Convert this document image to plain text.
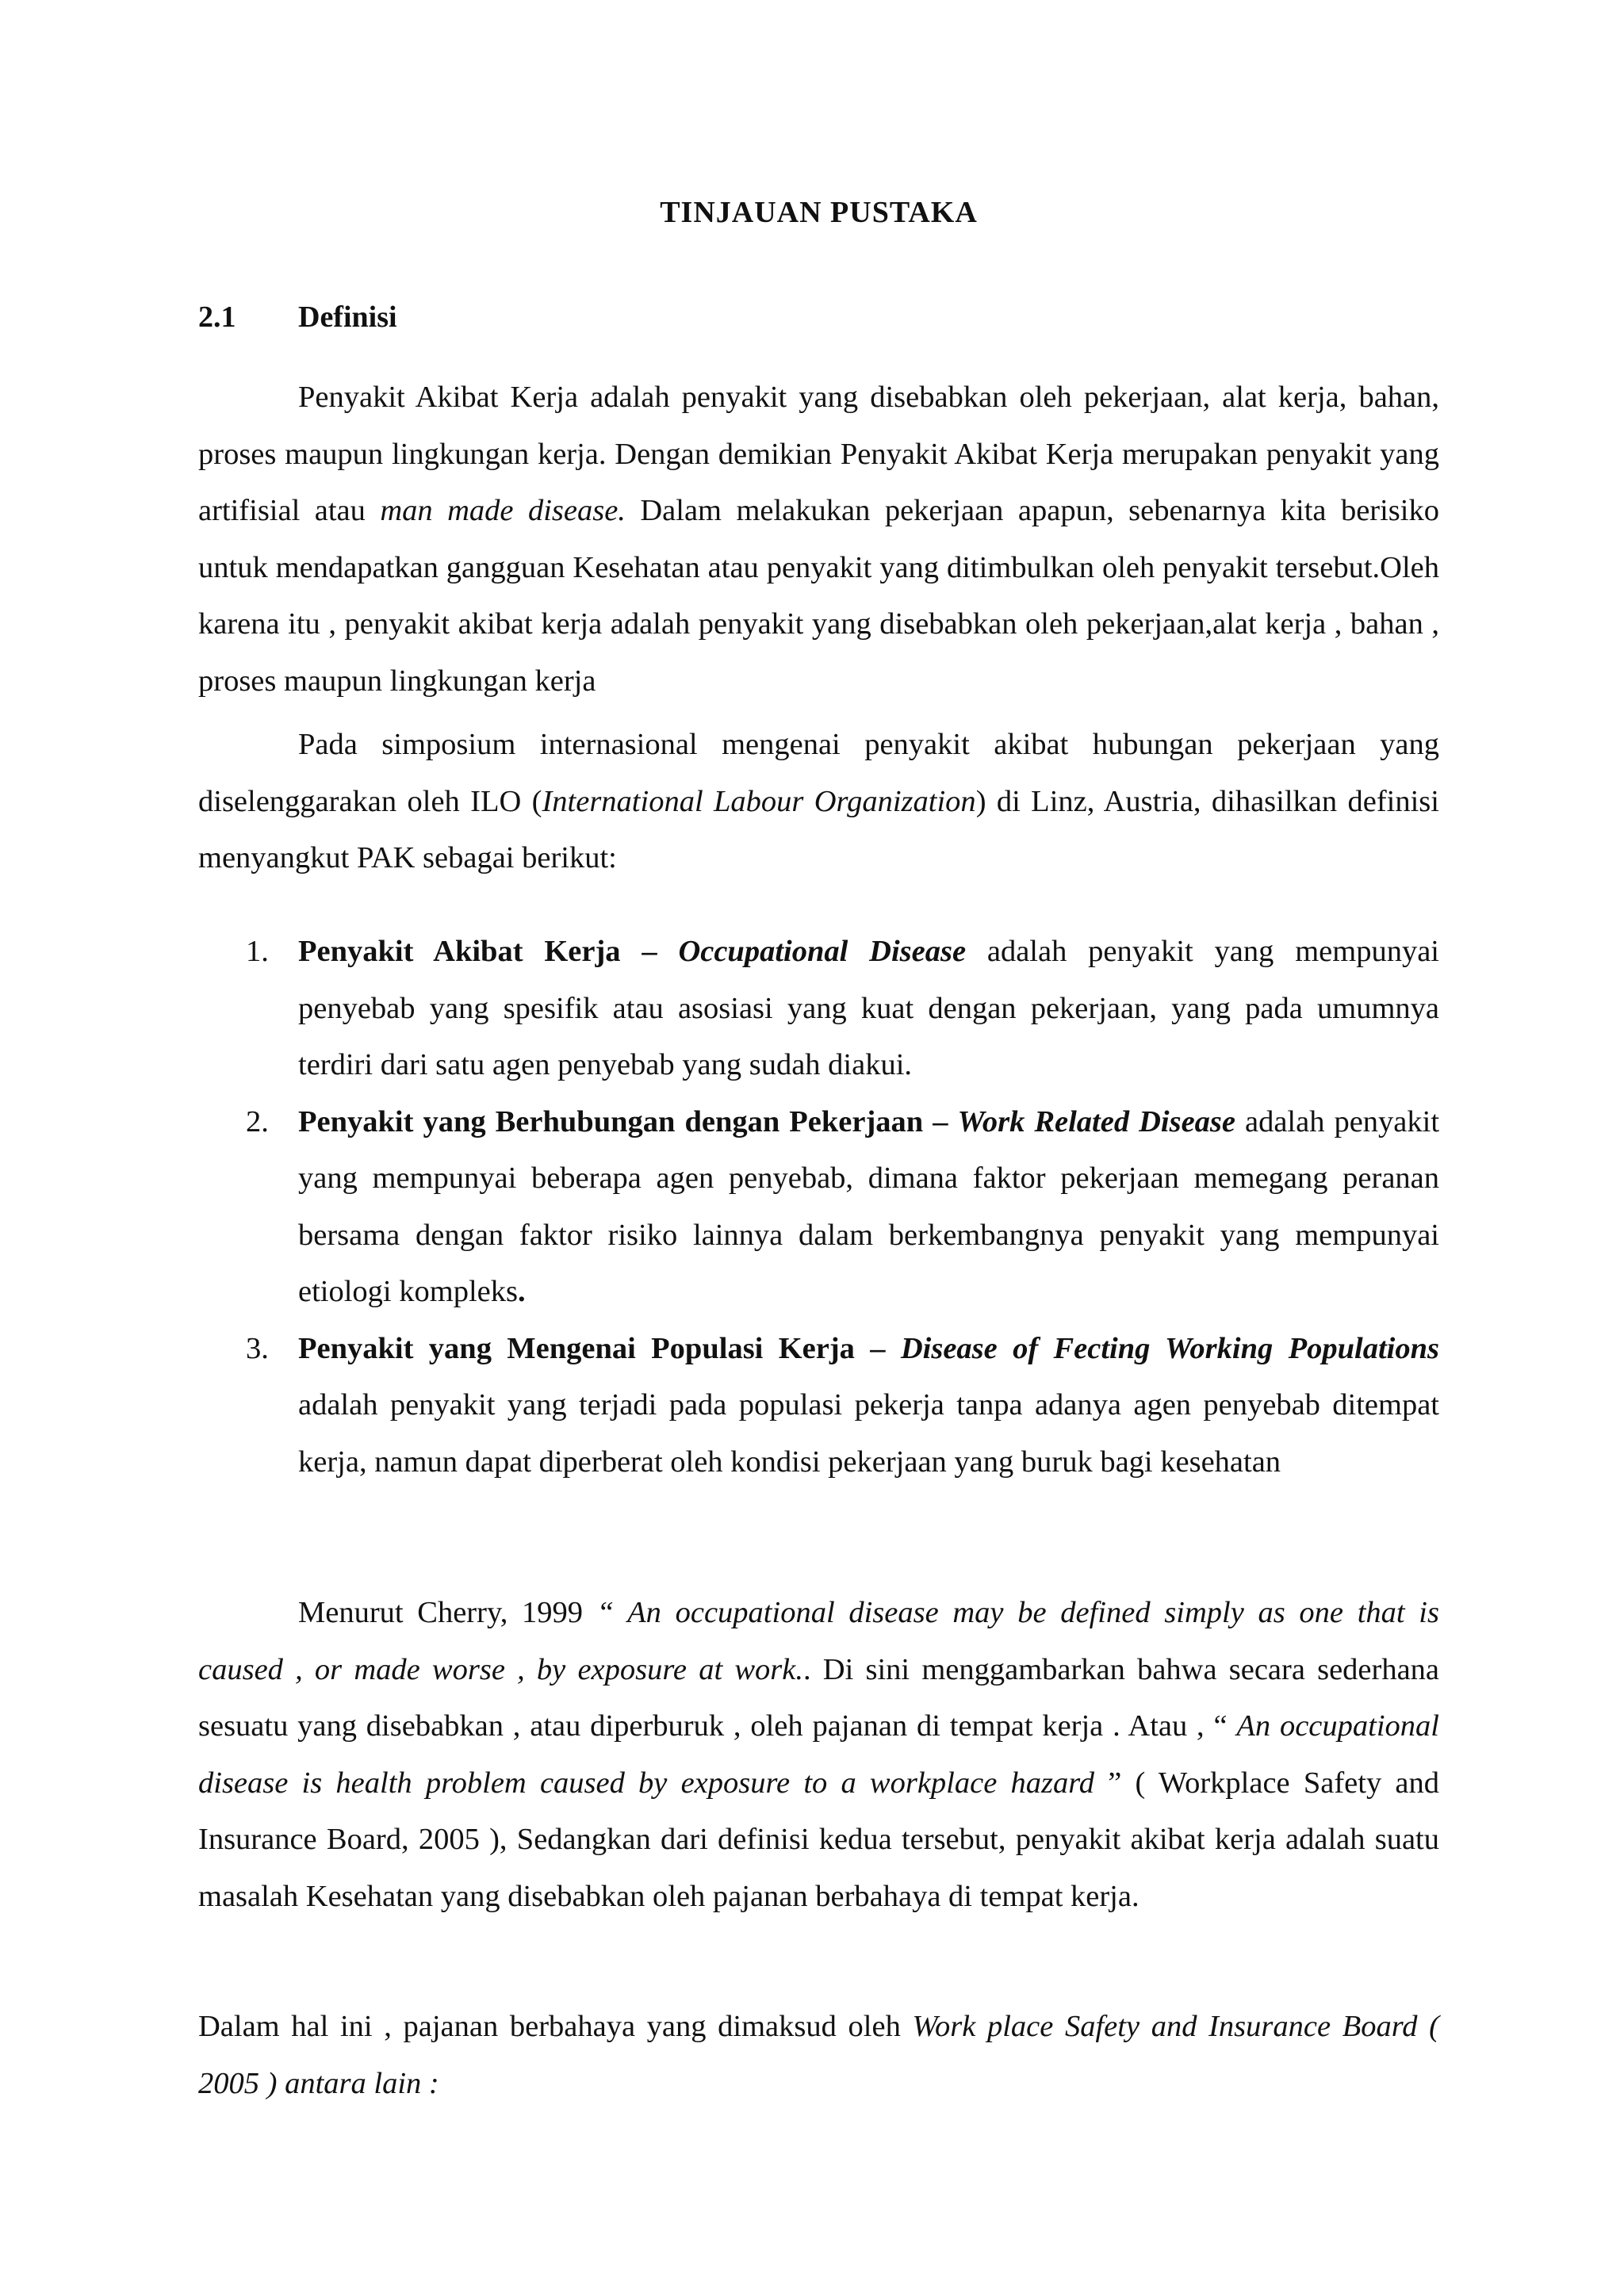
TINJAUAN PUSTAKA
2.1 Definisi

Penyakit Akibat Kerja adalah penyakit yang disebabkan oleh pekerjaan, alat kerja, bahan, proses maupun lingkungan kerja. Dengan demikian Penyakit Akibat Kerja merupakan penyakit yang artifisial atau man made disease. Dalam melakukan pekerjaan apapun, sebenarnya kita berisiko untuk mendapatkan gangguan Kesehatan atau penyakit yang ditimbulkan oleh penyakit tersebut.Oleh karena itu , penyakit akibat kerja adalah penyakit yang disebabkan oleh pekerjaan,alat kerja , bahan , proses maupun lingkungan kerja

Pada simposium internasional mengenai penyakit akibat hubungan pekerjaan yang diselenggarakan oleh ILO (International Labour Organization) di Linz, Austria, dihasilkan definisi menyangkut PAK sebagai berikut:

1. Penyakit Akibat Kerja – Occupational Disease adalah penyakit yang mempunyai penyebab yang spesifik atau asosiasi yang kuat dengan pekerjaan, yang pada umumnya terdiri dari satu agen penyebab yang sudah diakui.
2. Penyakit yang Berhubungan dengan Pekerjaan – Work Related Disease adalah penyakit yang mempunyai beberapa agen penyebab, dimana faktor pekerjaan memegang peranan bersama dengan faktor risiko lainnya dalam berkembangnya penyakit yang mempunyai etiologi kompleks.
3. Penyakit yang Mengenai Populasi Kerja – Disease of Fecting Working Populations adalah penyakit yang terjadi pada populasi pekerja tanpa adanya agen penyebab ditempat kerja, namun dapat diperberat oleh kondisi pekerjaan yang buruk bagi kesehatan

Menurut Cherry, 1999 “ An occupational disease may be defined simply as one that is caused , or made worse , by exposure at work.. Di sini menggambarkan bahwa secara sederhana sesuatu yang disebabkan , atau diperburuk , oleh pajanan di tempat kerja . Atau , “ An occupational disease is health problem caused by exposure to a workplace hazard ” ( Workplace Safety and Insurance Board, 2005 ), Sedangkan dari definisi kedua tersebut, penyakit akibat kerja adalah suatu masalah Kesehatan yang disebabkan oleh pajanan berbahaya di tempat kerja.

Dalam hal ini , pajanan berbahaya yang dimaksud oleh Work place Safety and Insurance Board ( 2005 ) antara lain :
